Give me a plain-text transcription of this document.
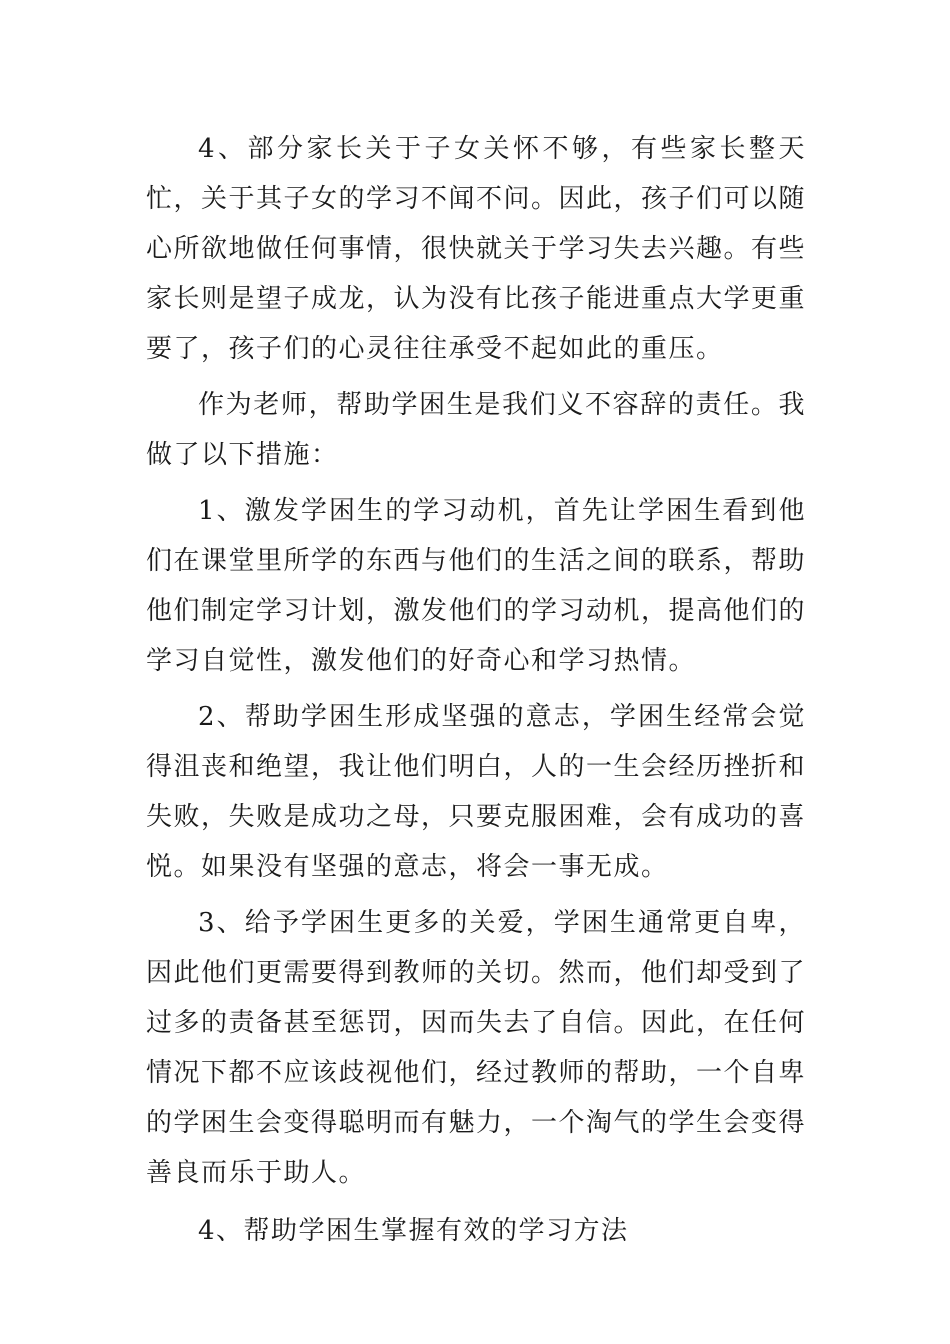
4、部分家长关于子女关怀不够，有些家长整天忙，关于其子女的学习不闻不问。因此，孩子们可以随心所欲地做任何事情，很快就关于学习失去兴趣。有些家长则是望子成龙，认为没有比孩子能进重点大学更重要了，孩子们的心灵往往承受不起如此的重压。

作为老师，帮助学困生是我们义不容辞的责任。我做了以下措施：

1、激发学困生的学习动机，首先让学困生看到他们在课堂里所学的东西与他们的生活之间的联系，帮助他们制定学习计划，激发他们的学习动机，提高他们的学习自觉性，激发他们的好奇心和学习热情。

2、帮助学困生形成坚强的意志，学困生经常会觉得沮丧和绝望，我让他们明白，人的一生会经历挫折和失败，失败是成功之母，只要克服困难，会有成功的喜悦。如果没有坚强的意志，将会一事无成。

3、给予学困生更多的关爱，学困生通常更自卑，因此他们更需要得到教师的关切。然而，他们却受到了过多的责备甚至惩罚，因而失去了自信。因此，在任何情况下都不应该歧视他们，经过教师的帮助，一个自卑的学困生会变得聪明而有魅力，一个淘气的学生会变得善良而乐于助人。

4、帮助学困生掌握有效的学习方法
